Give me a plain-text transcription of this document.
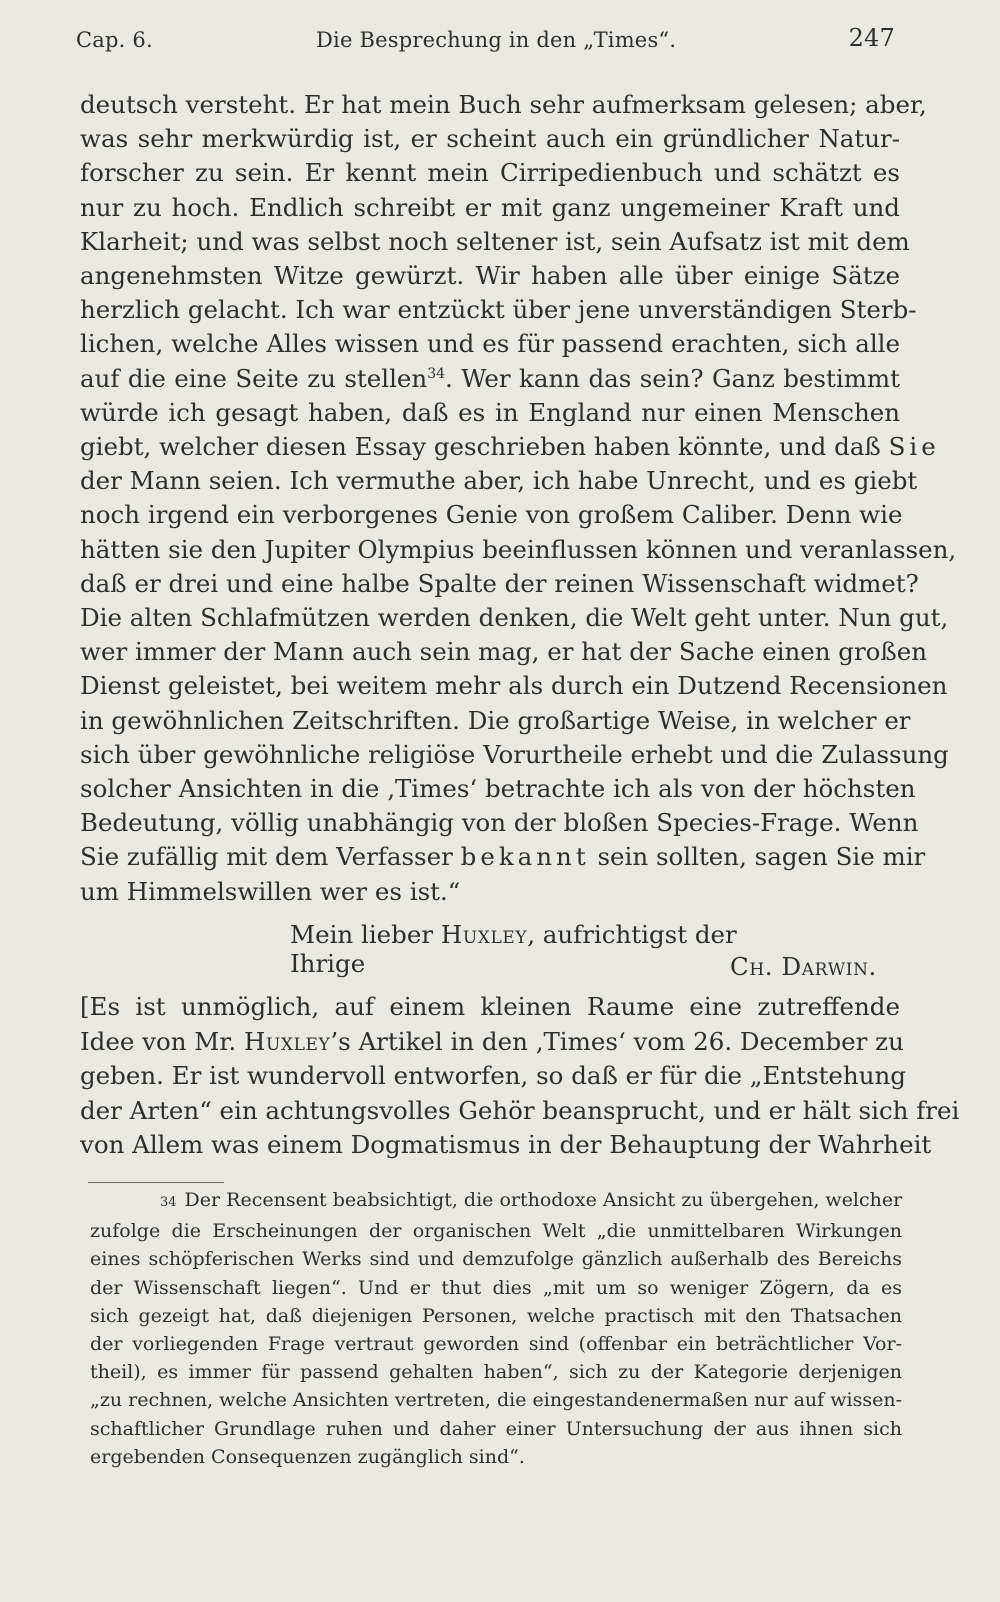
Cap. 6.	Die Besprechung in den „Times“.	247
deutsch versteht. Er hat mein Buch sehr aufmerksam gelesen; aber,
was sehr merkwürdig ist, er scheint auch ein gründlicher Natur-
forscher zu sein. Er kennt mein Cirripedienbuch und schätzt es
nur zu hoch. Endlich schreibt er mit ganz ungemeiner Kraft und
Klarheit; und was selbst noch seltener ist, sein Aufsatz ist mit dem
angenehmsten Witze gewürzt. Wir haben alle über einige Sätze
herzlich gelacht. Ich war entzückt über jene unverständigen Sterb-
lichen, welche Alles wissen und es für passend erachten, sich alle
auf die eine Seite zu stellen$^{34}$. Wer kann das sein? Ganz bestimmt
würde ich gesagt haben, daß es in England nur einen Menschen
giebt, welcher diesen Essay geschrieben haben könnte, und daß Sie
der Mann seien. Ich vermuthe aber, ich habe Unrecht, und es giebt
noch irgend ein verborgenes Genie von großem Caliber. Denn wie
hätten sie den Jupiter Olympius beeinflussen können und veranlassen,
daß er drei und eine halbe Spalte der reinen Wissenschaft widmet?
Die alten Schlafmützen werden denken, die Welt geht unter. Nun gut,
wer immer der Mann auch sein mag, er hat der Sache einen großen
Dienst geleistet, bei weitem mehr als durch ein Dutzend Recensionen
in gewöhnlichen Zeitschriften. Die großartige Weise, in welcher er
sich über gewöhnliche religiöse Vorurtheile erhebt und die Zulassung
solcher Ansichten in die ‚Times‘ betrachte ich als von der höchsten
Bedeutung, völlig unabhängig von der bloßen Species-Frage. Wenn
Sie zufällig mit dem Verfasser bekannt sein sollten, sagen Sie mir
um Himmelswillen wer es ist.“
Mein lieber Huxley, aufrichtigst der Ihrige	Ch. Darwin.
[Es ist unmöglich, auf einem kleinen Raume eine zutreffende
Idee von Mr. Huxley’s Artikel in den ‚Times‘ vom 26. December zu
geben. Er ist wundervoll entworfen, so daß er für die „Entstehung
der Arten“ ein achtungsvolles Gehör beansprucht, und er hält sich frei
von Allem was einem Dogmatismus in der Behauptung der Wahrheit
34 Der Recensent beabsichtigt, die orthodoxe Ansicht zu übergehen, welcher
zufolge die Erscheinungen der organischen Welt „die unmittelbaren Wirkungen
eines schöpferischen Werks sind und demzufolge gänzlich außerhalb des Bereichs
der Wissenschaft liegen“. Und er thut dies „mit um so weniger Zögern, da es
sich gezeigt hat, daß diejenigen Personen, welche practisch mit den Thatsachen
der vorliegenden Frage vertraut geworden sind (offenbar ein beträchtlicher Vor-
theil), es immer für passend gehalten haben“, sich zu der Kategorie derjenigen
„zu rechnen, welche Ansichten vertreten, die eingestandenermaßen nur auf wissen-
schaftlicher Grundlage ruhen und daher einer Untersuchung der aus ihnen sich
ergebenden Consequenzen zugänglich sind“.
